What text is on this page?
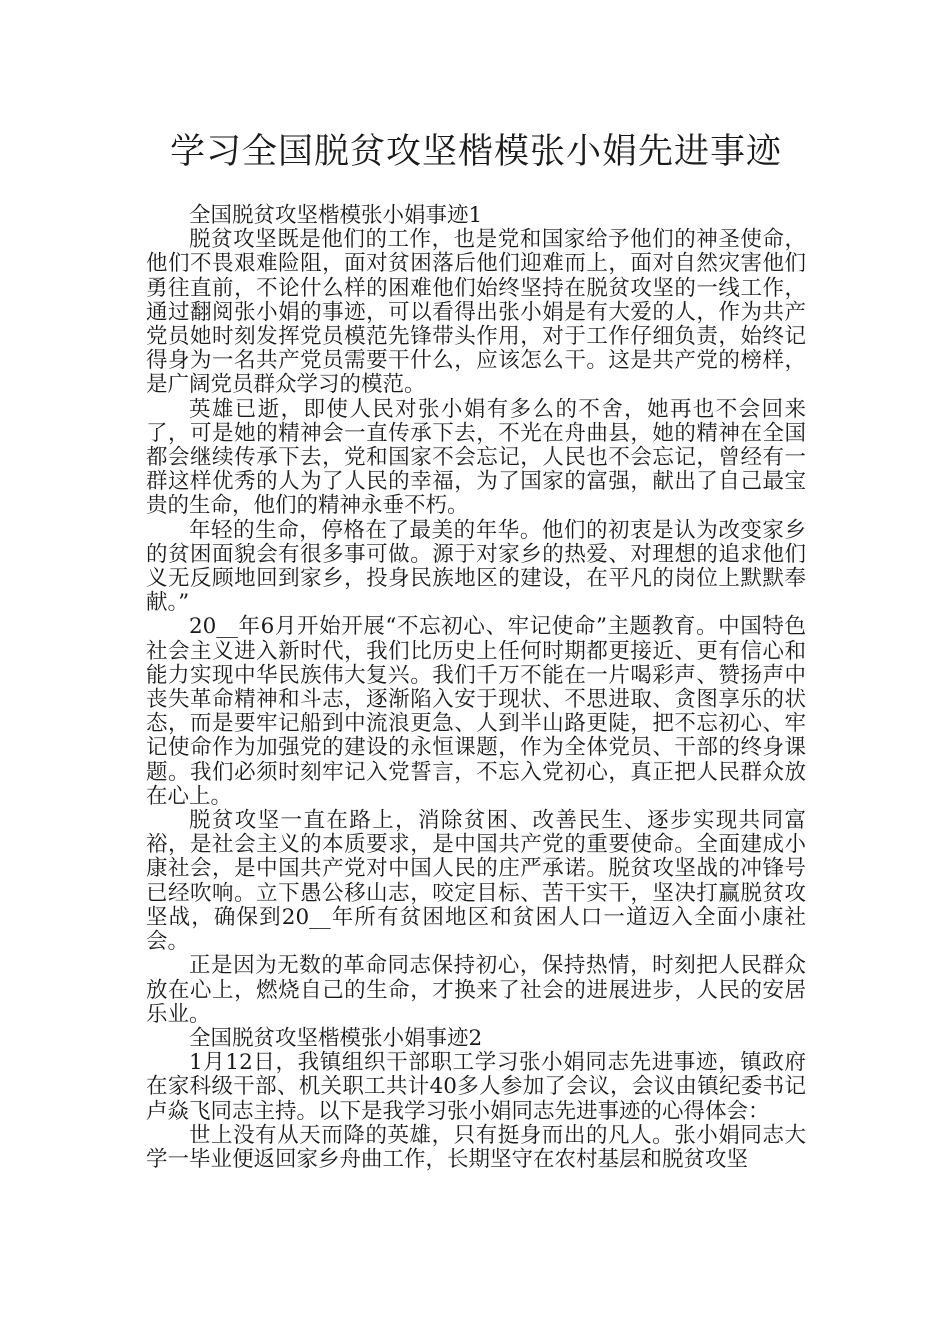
学习全国脱贫攻坚楷模张小娟先进事迹

全国脱贫攻坚楷模张小娟事迹1

脱贫攻坚既是他们的工作，也是党和国家给予他们的神圣使命，他们不畏艰难险阻，面对贫困落后他们迎难而上，面对自然灾害他们勇往直前，不论什么样的困难他们始终坚持在脱贫攻坚的一线工作，通过翻阅张小娟的事迹，可以看得出张小娟是有大爱的人，作为共产党员她时刻发挥党员模范先锋带头作用，对于工作仔细负责，始终记得身为一名共产党员需要干什么，应该怎么干。这是共产党的榜样，是广阔党员群众学习的模范。

英雄已逝，即使人民对张小娟有多么的不舍，她再也不会回来了，可是她的精神会一直传承下去，不光在舟曲县，她的精神在全国都会继续传承下去，党和国家不会忘记，人民也不会忘记，曾经有一群这样优秀的人为了人民的幸福，为了国家的富强，献出了自己最宝贵的生命，他们的精神永垂不朽。

年轻的生命，停格在了最美的年华。他们的初衷是认为改变家乡的贫困面貌会有很多事可做。源于对家乡的热爱、对理想的追求他们义无反顾地回到家乡，投身民族地区的建设，在平凡的岗位上默默奉献。”

20__年6月开始开展“不忘初心、牢记使命”主题教育。中国特色社会主义进入新时代，我们比历史上任何时期都更接近、更有信心和能力实现中华民族伟大复兴。我们千万不能在一片喝彩声、赞扬声中丧失革命精神和斗志，逐渐陷入安于现状、不思进取、贪图享乐的状态，而是要牢记船到中流浪更急、人到半山路更陡，把不忘初心、牢记使命作为加强党的建设的永恒课题，作为全体党员、干部的终身课题。我们必须时刻牢记入党誓言，不忘入党初心，真正把人民群众放在心上。

脱贫攻坚一直在路上，消除贫困、改善民生、逐步实现共同富裕，是社会主义的本质要求，是中国共产党的重要使命。全面建成小康社会，是中国共产党对中国人民的庄严承诺。脱贫攻坚战的冲锋号已经吹响。立下愚公移山志，咬定目标、苦干实干，坚决打赢脱贫攻坚战，确保到20__年所有贫困地区和贫困人口一道迈入全面小康社会。

正是因为无数的革命同志保持初心，保持热情，时刻把人民群众放在心上，燃烧自己的生命，才换来了社会的进展进步，人民的安居乐业。

全国脱贫攻坚楷模张小娟事迹2

1月12日，我镇组织干部职工学习张小娟同志先进事迹，镇政府在家科级干部、机关职工共计40多人参加了会议，会议由镇纪委书记卢焱飞同志主持。以下是我学习张小娟同志先进事迹的心得体会：

世上没有从天而降的英雄，只有挺身而出的凡人。张小娟同志大学一毕业便返回家乡舟曲工作，长期坚守在农村基层和脱贫攻坚
